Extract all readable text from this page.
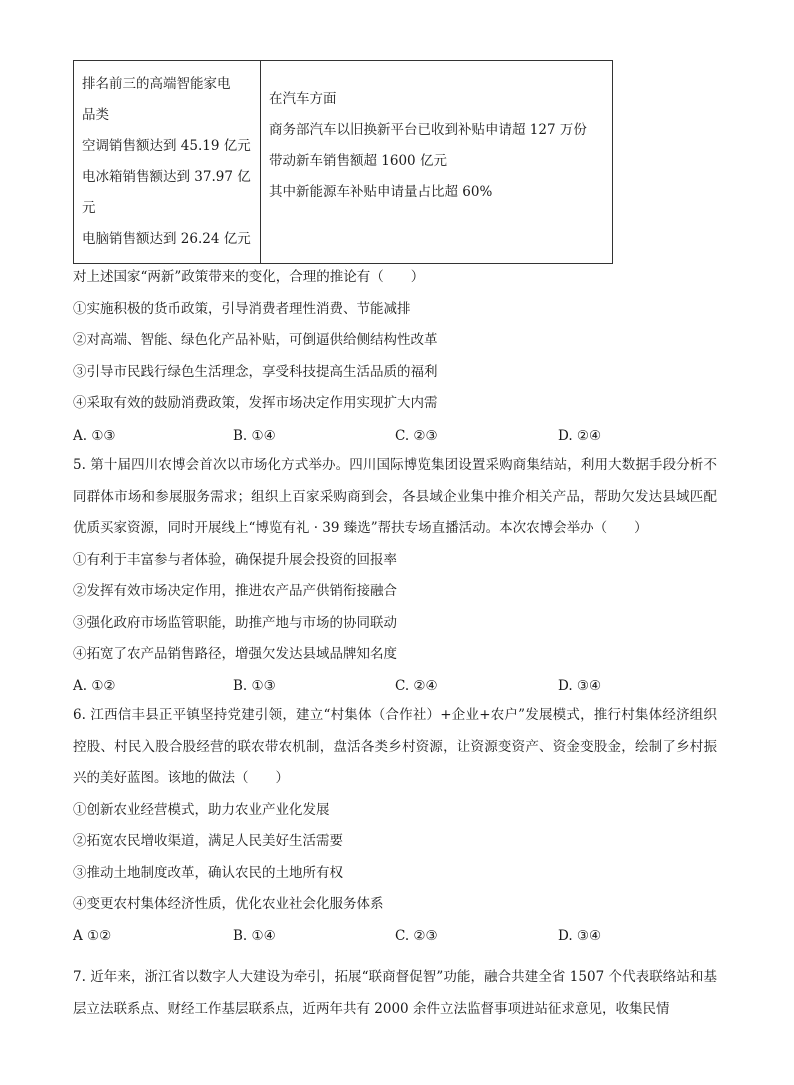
排名前三的高端智能家电品类
空调销售额达到 45.19 亿元
电冰箱销售额达到 37.97 亿元
电脑销售额达到 26.24 亿元

在汽车方面
商务部汽车以旧换新平台已收到补贴申请超 127 万份
带动新车销售额超 1600 亿元
其中新能源车补贴申请量占比超 60%
对上述国家“两新”政策带来的变化，合理的推论有（　　）
①实施积极的货币政策，引导消费者理性消费、节能减排
②对高端、智能、绿色化产品补贴，可倒逼供给侧结构性改革
③引导市民践行绿色生活理念，享受科技提高生活品质的福利
④采取有效的鼓励消费政策，发挥市场决定作用实现扩大内需
A. ①③	B. ①④	C. ②③	D. ②④
5. 第十届四川农博会首次以市场化方式举办。四川国际博览集团设置采购商集结站，利用大数据手段分析不同群体市场和参展服务需求；组织上百家采购商到会，各县域企业集中推介相关产品，帮助欠发达县域匹配优质买家资源，同时开展线上“博览有礼 · 39 臻选”帮扶专场直播活动。本次农博会举办（　　）
①有利于丰富参与者体验，确保提升展会投资的回报率
②发挥有效市场决定作用，推进农产品产供销衔接融合
③强化政府市场监管职能，助推产地与市场的协同联动
④拓宽了农产品销售路径，增强欠发达县域品牌知名度
A. ①②	B. ①③	C. ②④	D. ③④
6. 江西信丰县正平镇坚持党建引领，建立“村集体（合作社）+企业+农户”发展模式，推行村集体经济组织控股、村民入股合股经营的联农带农机制，盘活各类乡村资源，让资源变资产、资金变股金，绘制了乡村振兴的美好蓝图。该地的做法（　　）
①创新农业经营模式，助力农业产业化发展
②拓宽农民增收渠道，满足人民美好生活需要
③推动土地制度改革，确认农民的土地所有权
④变更农村集体经济性质，优化农业社会化服务体系
A ①②	B. ①④	C. ②③	D. ③④
7. 近年来，浙江省以数字人大建设为牵引，拓展“联商督促智”功能，融合共建全省 1507 个代表联络站和基层立法联系点、财经工作基层联系点，近两年共有 2000 余件立法监督事项进站征求意见，收集民情
